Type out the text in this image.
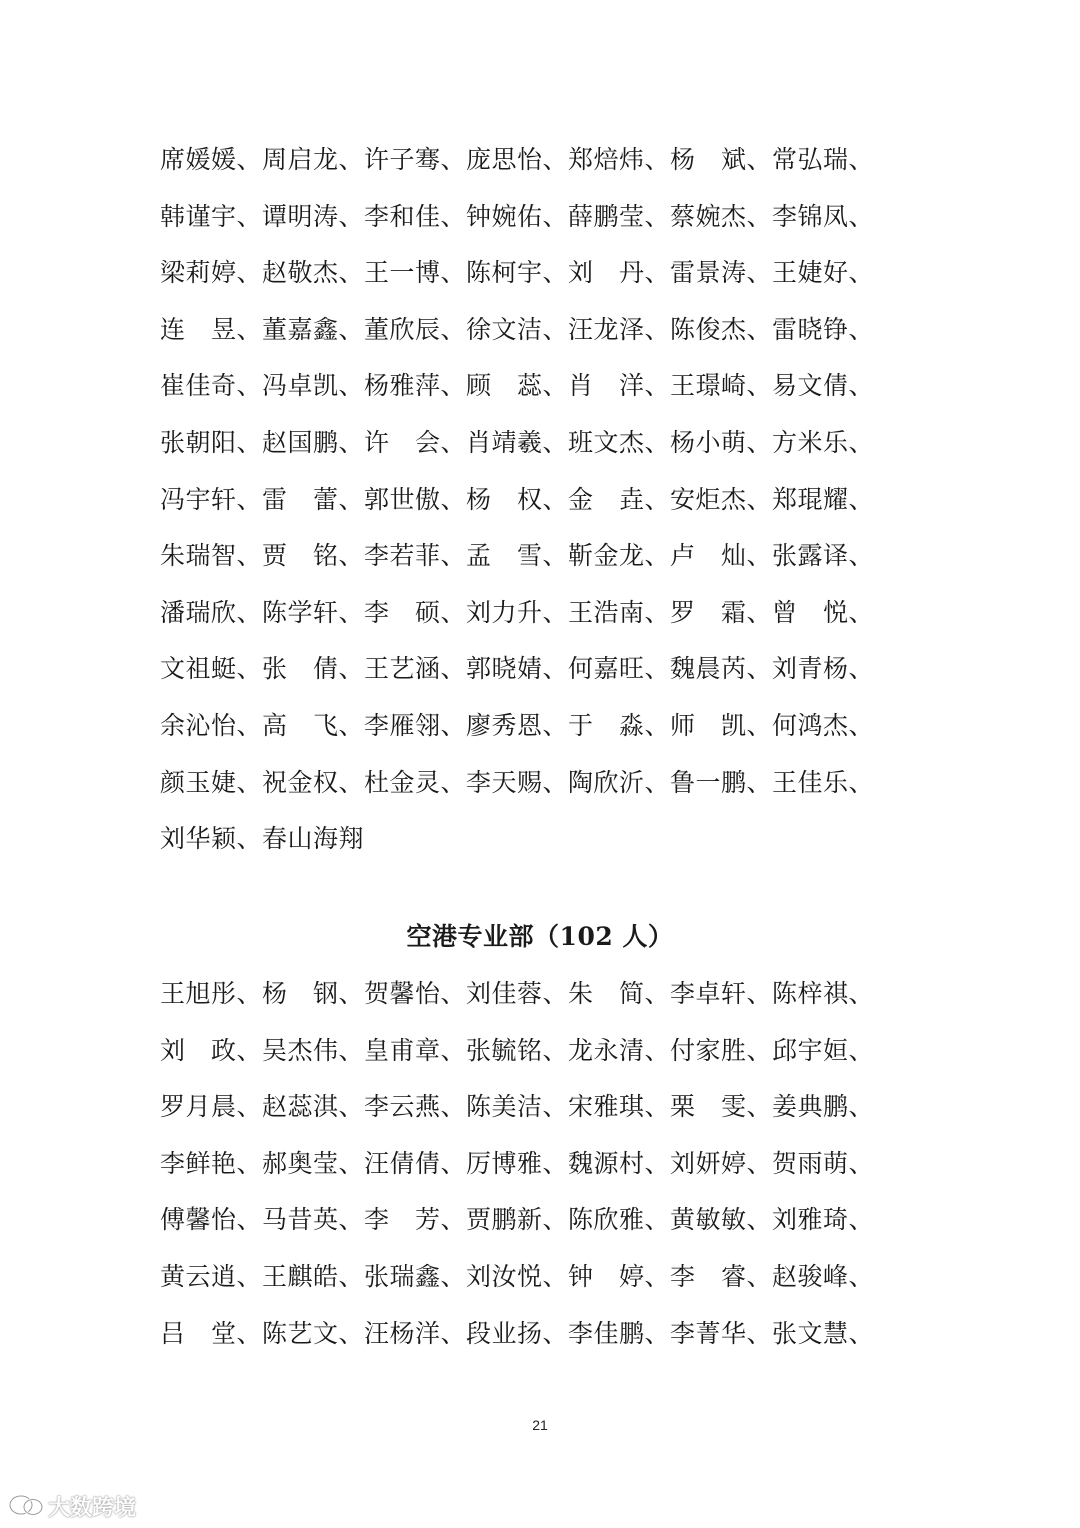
席媛媛、周启龙、许子骞、庞思怡、郑焙炜、杨　斌、常弘瑞、
韩谨宇、谭明涛、李和佳、钟婉佑、薛鹏莹、蔡婉杰、李锦凤、
梁莉婷、赵敬杰、王一博、陈柯宇、刘　丹、雷景涛、王婕好、
连　昱、董嘉鑫、董欣辰、徐文洁、汪龙泽、陈俊杰、雷晓铮、
崔佳奇、冯卓凯、杨雅萍、顾　蕊、肖　洋、王璟崎、易文倩、
张朝阳、赵国鹏、许　会、肖靖羲、班文杰、杨小萌、方米乐、
冯宇轩、雷　蕾、郭世傲、杨　权、金　垚、安炬杰、郑琨耀、
朱瑞智、贾　铭、李若菲、孟　雪、靳金龙、卢　灿、张露译、
潘瑞欣、陈学轩、李　硕、刘力升、王浩南、罗　霜、曾　悦、
文祖蜓、张　倩、王艺涵、郭晓婧、何嘉旺、魏晨芮、刘青杨、
余沁怡、高　飞、李雁翎、廖秀恩、于　淼、师　凯、何鸿杰、
颜玉婕、祝金权、杜金灵、李天赐、陶欣沂、鲁一鹏、王佳乐、
刘华颖、春山海翔
空港专业部（102 人）
王旭彤、杨　钢、贺馨怡、刘佳蓉、朱　简、李卓轩、陈梓祺、
刘　政、吴杰伟、皇甫章、张毓铭、龙永清、付家胜、邱宇姮、
罗月晨、赵蕊淇、李云燕、陈美洁、宋雅琪、栗　雯、姜典鹏、
李鲜艳、郝奥莹、汪倩倩、厉博雅、魏源村、刘妍婷、贺雨萌、
傅馨怡、马昔英、李　芳、贾鹏新、陈欣雅、黄敏敏、刘雅琦、
黄云逍、王麒皓、张瑞鑫、刘汝悦、钟　婷、李　睿、赵骏峰、
吕　堂、陈艺文、汪杨洋、段业扬、李佳鹏、李菁华、张文慧、
21
大数跨境
